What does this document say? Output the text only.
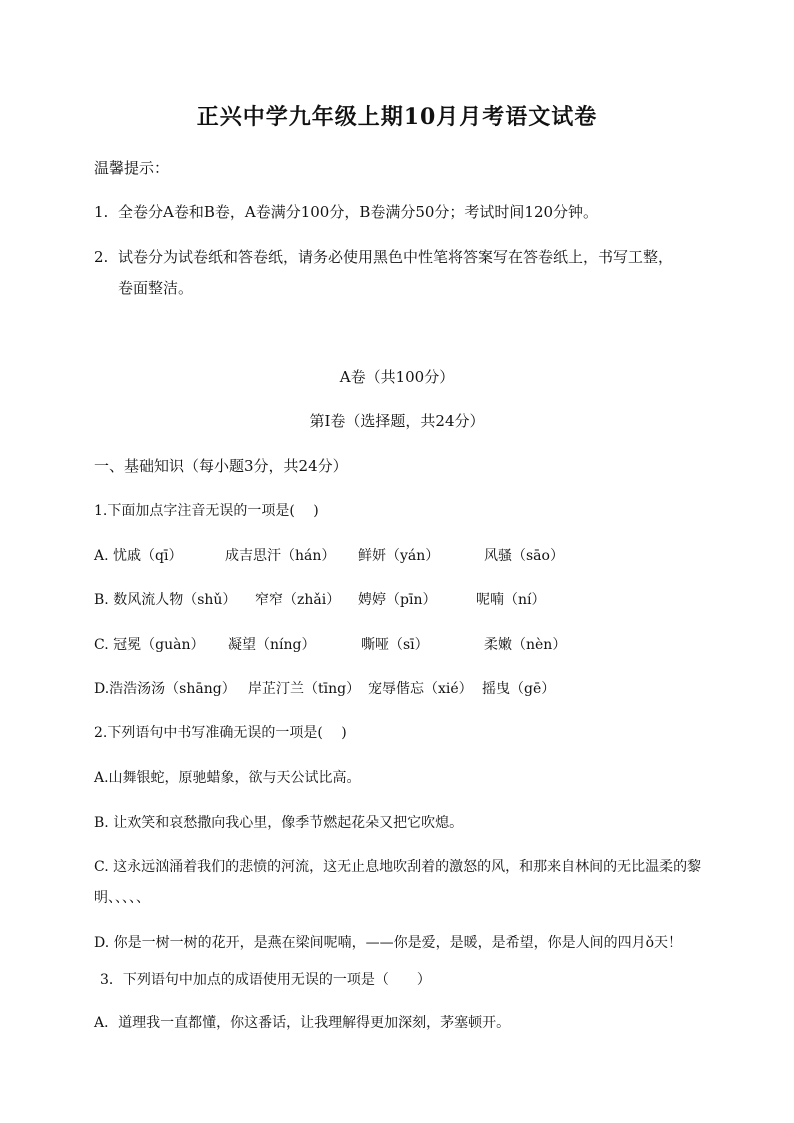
正兴中学九年级上期10月月考语文试卷
温馨提示：
1. 全卷分A卷和B卷，A卷满分100分，B卷满分50分；考试时间120分钟。
2. 试卷分为试卷纸和答卷纸，请务必使用黑色中性笔将答案写在答卷纸上，书写工整，
卷面整洁。
A卷（共100分）
第Ⅰ卷（选择题，共24分）
一、基础知识（每小题3分，共24分）
1.下面加点字注音无误的一项是(　 )
A. 忧戚（qī）	成吉思汗（hán） 鲜妍（yán）	风骚（sāo）
B. 数风流人物（shǔ） 窄窄（zhǎi） 娉婷（pīn）	呢喃（ní）
C. 冠冕（guàn） 凝望（níng）	嘶哑（sī）	柔嫩（nèn）
D.浩浩汤汤（shāng） 岸芷汀兰（tīng） 宠辱偕忘（xié） 摇曳（gē）
2.下列语句中书写准确无误的一项是(　 )
A.山舞银蛇，原驰蜡象，欲与天公试比高。
B. 让欢笑和哀愁撒向我心里，像季节燃起花朵又把它吹熄。
C. 这永远汹涌着我们的悲愤的河流，这无止息地吹刮着的激怒的风，和那来自林间的无比温柔的黎
明、、、、、
D. 你是一树一树的花开，是燕在梁间呢喃，——你是爱，是暖，是希望，你是人间的四月ǒ天！
3．下列语句中加点的成语使用无误的一项是（　　）
A．道理我一直都懂，你这番话，让我理解得更加深刻，茅塞顿开。
